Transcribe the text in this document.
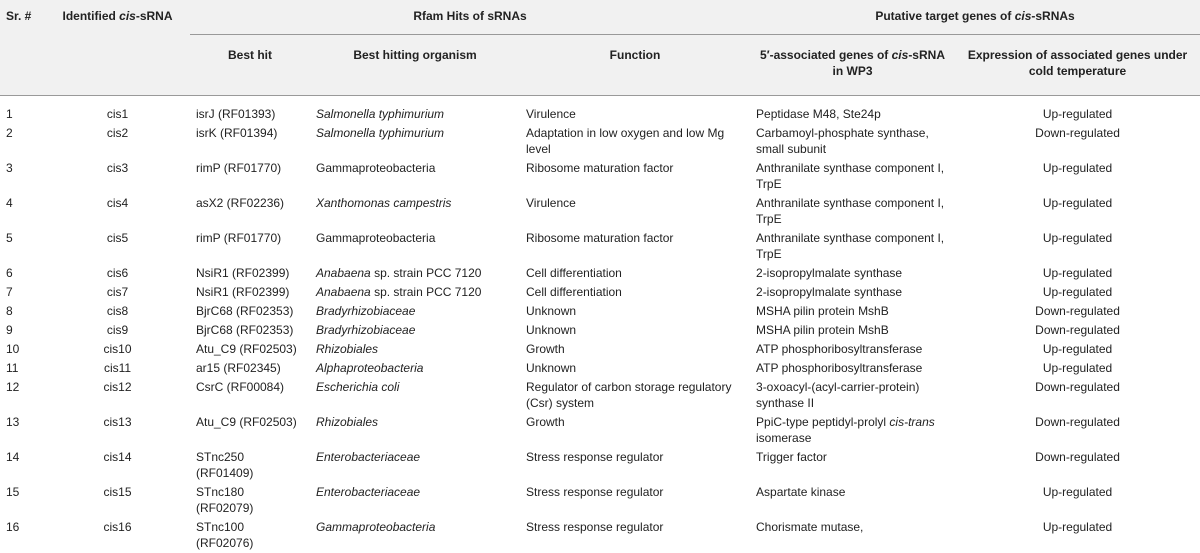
Sr. #	Identified cis-sRNA	Rfam Hits of sRNAs			Putative target genes of cis-sRNAs	
		Best hit	Best hitting organism	Function	5′-associated genes of cis-sRNA in WP3	Expression of associated genes under cold temperature
1	cis1	isrJ (RF01393)	Salmonella typhimurium	Virulence	Peptidase M48, Ste24p	Up-regulated
2	cis2	isrK (RF01394)	Salmonella typhimurium	Adaptation in low oxygen and low Mg level	Carbamoyl-phosphate synthase, small subunit	Down-regulated
3	cis3	rimP (RF01770)	Gammaproteobacteria	Ribosome maturation factor	Anthranilate synthase component I, TrpE	Up-regulated
4	cis4	asX2 (RF02236)	Xanthomonas campestris	Virulence	Anthranilate synthase component I, TrpE	Up-regulated
5	cis5	rimP (RF01770)	Gammaproteobacteria	Ribosome maturation factor	Anthranilate synthase component I, TrpE	Up-regulated
6	cis6	NsiR1 (RF02399)	Anabaena sp. strain PCC 7120	Cell differentiation	2-isopropylmalate synthase	Up-regulated
7	cis7	NsiR1 (RF02399)	Anabaena sp. strain PCC 7120	Cell differentiation	2-isopropylmalate synthase	Up-regulated
8	cis8	BjrC68 (RF02353)	Bradyrhizobiaceae	Unknown	MSHA pilin protein MshB	Down-regulated
9	cis9	BjrC68 (RF02353)	Bradyrhizobiaceae	Unknown	MSHA pilin protein MshB	Down-regulated
10	cis10	Atu_C9 (RF02503)	Rhizobiales	Growth	ATP phosphoribosyltransferase	Up-regulated
11	cis11	ar15 (RF02345)	Alphaproteobacteria	Unknown	ATP phosphoribosyltransferase	Up-regulated
12	cis12	CsrC (RF00084)	Escherichia coli	Regulator of carbon storage regulatory (Csr) system	3-oxoacyl-(acyl-carrier-protein) synthase II	Down-regulated
13	cis13	Atu_C9 (RF02503)	Rhizobiales	Growth	PpiC-type peptidyl-prolyl cis-trans isomerase	Down-regulated
14	cis14	STnc250 (RF01409)	Enterobacteriaceae	Stress response regulator	Trigger factor	Down-regulated
15	cis15	STnc180 (RF02079)	Enterobacteriaceae	Stress response regulator	Aspartate kinase	Up-regulated
16	cis16	STnc100 (RF02076)	Gammaproteobacteria	Stress response regulator	Chorismate mutase,	Up-regulated
